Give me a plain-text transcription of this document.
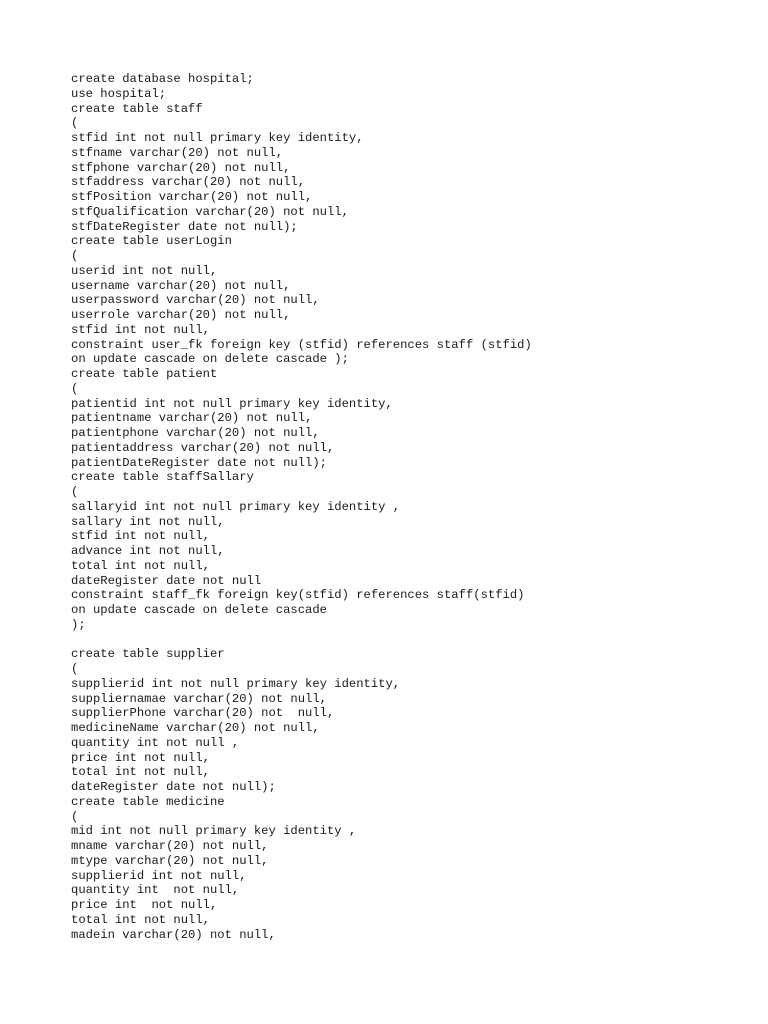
create database hospital;
use hospital;
create table staff
(
stfid int not null primary key identity,
stfname varchar(20) not null,
stfphone varchar(20) not null,
stfaddress varchar(20) not null,
stfPosition varchar(20) not null,
stfQualification varchar(20) not null,
stfDateRegister date not null);
create table userLogin
(
userid int not null,
username varchar(20) not null,
userpassword varchar(20) not null,
userrole varchar(20) not null,
stfid int not null,
constraint user_fk foreign key (stfid) references staff (stfid)
on update cascade on delete cascade );
create table patient
(
patientid int not null primary key identity,
patientname varchar(20) not null,
patientphone varchar(20) not null,
patientaddress varchar(20) not null,
patientDateRegister date not null);
create table staffSallary
(
sallaryid int not null primary key identity ,
sallary int not null,
stfid int not null,
advance int not null,
total int not null,
dateRegister date not null
constraint staff_fk foreign key(stfid) references staff(stfid)
on update cascade on delete cascade
);
create table supplier
(
supplierid int not null primary key identity,
suppliernamae varchar(20) not null,
supplierPhone varchar(20) not  null,
medicineName varchar(20) not null,
quantity int not null ,
price int not null,
total int not null,
dateRegister date not null);
create table medicine
(
mid int not null primary key identity ,
mname varchar(20) not null,
mtype varchar(20) not null,
supplierid int not null,
quantity int  not null,
price int  not null,
total int not null,
madein varchar(20) not null,
